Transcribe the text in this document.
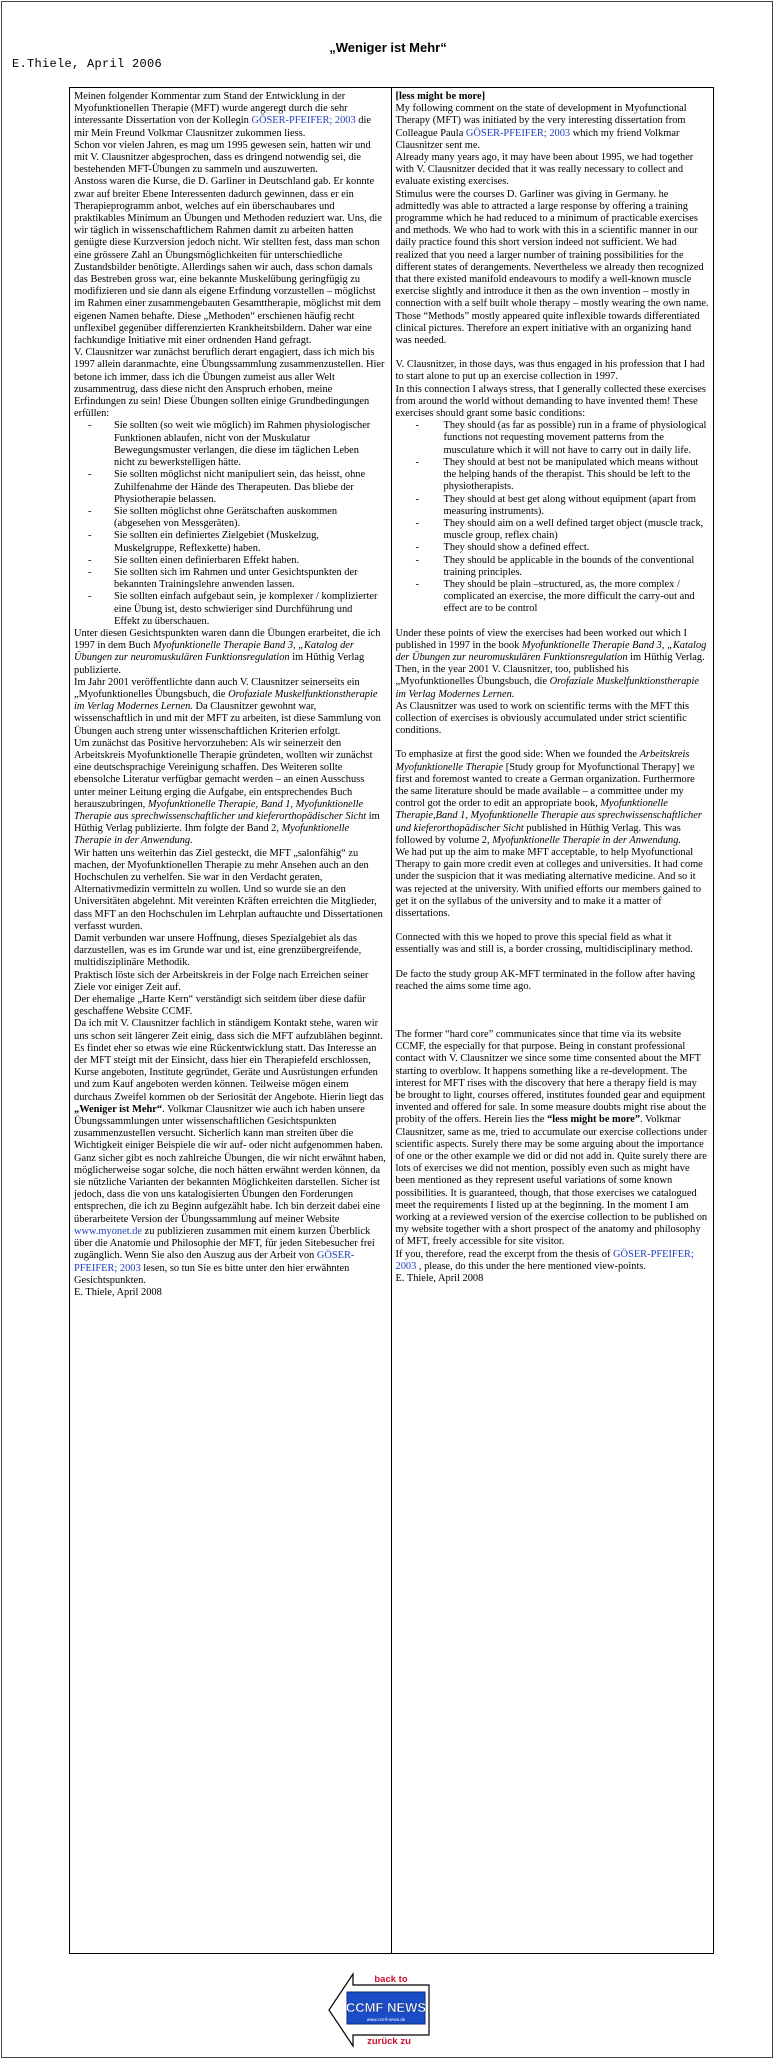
„Weniger ist Mehr“
E.Thiele, April 2006

Meinen folgender Kommentar zum Stand der Entwicklung in der Myofunktionellen Therapie (MFT) wurde angeregt durch die sehr interessante Dissertation von der Kollegin GÖSER-PFEIFER; 2003 die mir Mein Freund Volkmar Clausnitzer zukommen liess.

Schon vor vielen Jahren, es mag um 1995 gewesen sein, hatten wir und mit V. Clausnitzer abgesprochen, dass es dringend notwendig sei, die bestehenden MFT-Übungen zu sammeln und auszuwerten.

Anstoss waren die Kurse, die D. Garliner in Deutschland gab. Er konnte zwar auf breiter Ebene Interessenten dadurch gewinnen, dass er ein Therapieprogramm anbot, welches auf ein überschaubares und praktikables Minimum an Übungen und Methoden reduziert war. Uns, die wir täglich in wissenschaftlichem Rahmen damit zu arbeiten hatten genügte diese Kurzversion jedoch nicht. Wir stellten fest, dass man schon eine grössere Zahl an Übungsmöglichkeiten für unterschiedliche Zustandsbilder benötigte. Allerdings sahen wir auch, dass schon damals das Bestreben gross war, eine bekannte Muskelübung geringfügig zu modifizieren und sie dann als eigene Erfindung vorzustellen – möglichst im Rahmen einer zusammengebauten Gesamttherapie, möglichst mit dem eigenen Namen behafte. Diese „Methoden“ erschienen häufig recht unflexibel gegenüber differenzierten Krankheitsbildern. Daher war eine fachkundige Initiative mit einer ordnenden Hand gefragt.

V. Clausnitzer war zunächst beruflich derart engagiert, dass ich mich bis 1997 allein daranmachte, eine Übungssammlung zusammenzustellen. Hier betone ich immer, dass ich die Übungen zumeist aus aller Welt zusammentrug, dass diese nicht den Anspruch erhoben, meine Erfindungen zu sein! Diese Übungen sollten einige Grundbedingungen erfüllen:

- Sie sollten (so weit wie möglich) im Rahmen physiologischer Funktionen ablaufen, nicht von der Muskulatur Bewegungsmuster verlangen, die diese im täglichen Leben nicht zu bewerkstelligen hätte.
- Sie sollten möglichst nicht manipuliert sein, das heisst, ohne Zuhilfenahme der Hände des Therapeuten. Das bliebe der Physiotherapie belassen.
- Sie sollten möglichst ohne Gerätschaften auskommen (abgesehen von Messgeräten).
- Sie sollten ein definiertes Zielgebiet (Muskelzug, Muskelgruppe, Reflexkette) haben.
- Sie sollten einen definierbaren Effekt haben.
- Sie sollten sich im Rahmen und unter Gesichtspunkten der bekannten Trainingslehre anwenden lassen.
- Sie sollten einfach aufgebaut sein, je komplexer / komplizierter eine Übung ist, desto schwieriger sind Durchführung und Effekt zu überschauen.

Unter diesen Gesichtspunkten waren dann die Übungen erarbeitet, die ich 1997 in dem Buch Myofunktionelle Therapie Band 3, „Katalog der Übungen zur neuromuskulären Funktionsregulation im Hüthig Verlag publizierte.

Im Jahr 2001 veröffentlichte dann auch V. Clausnitzer seinerseits ein „Myofunktionelles Übungsbuch, die Orofaziale Muskelfunktionstherapie im Verlag Modernes Lernen. Da Clausnitzer gewohnt war, wissenschaftlich in und mit der MFT zu arbeiten, ist diese Sammlung von Übungen auch streng unter wissenschaftlichen Kriterien erfolgt.

Um zunächst das Positive hervorzuheben: Als wir seinerzeit den Arbeitskreis Myofunktionelle Therapie gründeten, wollten wir zunächst eine deutschsprachige Vereinigung schaffen. Des Weiteren sollte ebensolche Literatur verfügbar gemacht werden – an einen Ausschuss unter meiner Leitung erging die Aufgabe, ein entsprechendes Buch herauszubringen, Myofunktionelle Therapie, Band 1, Myofunktionelle Therapie aus sprechwissenschaftlicher und kieferorthopädischer Sicht im Hüthig Verlag publizierte. Ihm folgte der Band 2, Myofunktionelle Therapie in der Anwendung.

Wir hatten uns weiterhin das Ziel gesteckt, die MFT „salonfähig“ zu machen, der Myofunktionellen Therapie zu mehr Ansehen auch an den Hochschulen zu verhelfen. Sie war in den Verdacht geraten, Alternativmedizin vermitteln zu wollen. Und so wurde sie an den Universitäten abgelehnt. Mit vereinten Kräften erreichten die Mitglieder, dass MFT an den Hochschulen im Lehrplan auftauchte und Dissertationen verfasst wurden.

Damit verbunden war unsere Hoffnung, dieses Spezialgebiet als das darzustellen, was es im Grunde war und ist, eine grenzübergreifende, multidisziplinäre Methodik.

Praktisch löste sich der Arbeitskreis in der Folge nach Erreichen seiner Ziele vor einiger Zeit auf.

Der ehemalige „Harte Kern“ verständigt sich seitdem über diese dafür geschaffene Website CCMF.

Da ich mit V. Clausnitzer fachlich in ständigem Kontakt stehe, waren wir uns schon seit längerer Zeit einig, dass sich die MFT aufzublähen beginnt. Es findet eher so etwas wie eine Rückentwicklung statt. Das Interesse an der MFT steigt mit der Einsicht, dass hier ein Therapiefeld erschlossen, Kurse angeboten, Institute gegründet, Geräte und Ausrüstungen erfunden und zum Kauf angeboten werden können. Teilweise mögen einem durchaus Zweifel kommen ob der Seriosität der Angebote. Hierin liegt das „Weniger ist Mehr“. Volkmar Clausnitzer wie auch ich haben unsere Übungssammlungen unter wissenschaftlichen Gesichtspunkten zusammenzustellen versucht. Sicherlich kann man streiten über die Wichtigkeit einiger Beispiele die wir auf- oder nicht aufgenommen haben. Ganz sicher gibt es noch zahlreiche Übungen, die wir nicht erwähnt haben, möglicherweise sogar solche, die noch hätten erwähnt werden können, da sie nützliche Varianten der bekannten Möglichkeiten darstellen. Sicher ist jedoch, dass die von uns katalogisierten Übungen den Forderungen entsprechen, die ich zu Beginn aufgezählt habe. Ich bin derzeit dabei eine überarbeitete Version der Übungssammlung auf meiner Website www.myonet.de zu publizieren zusammen mit einem kurzen Überblick über die Anatomie und Philosophie der MFT, für jeden Sitebesucher frei zugänglich. Wenn Sie also den Auszug aus der Arbeit von GÖSER-PFEIFER; 2003 lesen, so tun Sie es bitte unter den hier erwähnten Gesichtspunkten.

E. Thiele, April 2008

[less might be more]

My following comment on the state of development in Myofunctional Therapy (MFT) was initiated by the very interesting dissertation from Colleague Paula GÖSER-PFEIFER; 2003 which my friend Volkmar Clausnitzer sent me.

Already many years ago, it may have been about 1995, we had together with V. Clausnitzer decided that it was really necessary to collect and evaluate existing exercises.

Stimulus were the courses D. Garliner was giving in Germany. he admittedly was able to attracted a large response by offering a training programme which he had reduced to a minimum of practicable exercises and methods. We who had to work with this in a scientific manner in our daily practice found this short version indeed not sufficient. We had realized that you need a larger number of training possibilities for the different states of derangements. Nevertheless we already then recognized that there existed manifold endeavours to modify a well-known muscle exercise slightly and introduce it then as the own invention – mostly in connection with a self built whole therapy – mostly wearing the own name. Those “Methods” mostly appeared quite inflexible towards differentiated clinical pictures. Therefore an expert initiative with an organizing hand was needed.

V. Clausnitzer, in those days, was thus engaged in his profession that I had to start alone to put up an exercise collection in 1997.

In this connection I always stress, that I generally collected these exercises from around the world without demanding to have invented them! These exercises should grant some basic conditions:

- They should (as far as possible) run in a frame of physiological functions not requesting movement patterns from the musculature which it will not have to carry out in daily life.
- They should at best not be manipulated which means without the helping hands of the therapist. This should be left to the physiotherapists.
- They should at best get along without equipment (apart from measuring instruments).
- They should aim on a well defined target object (muscle track, muscle group, reflex chain)
- They should show a defined effect.
- They should be applicable in the bounds of the conventional training principles.
- They should be plain –structured, as, the more complex / complicated an exercise, the more difficult the carry-out and effect are to be control

Under these points of view the exercises had been worked out which I published in 1997 in the book Myofunktionelle Therapie Band 3, „Katalog der Übungen zur neuromuskulären Funktionsregulation im Hüthig Verlag.

Then, in the year 2001 V. Clausnitzer, too, published his „Myofunktionelles Übungsbuch, die Orofaziale Muskelfunktionstherapie im Verlag Modernes Lernen.

As Clausnitzer was used to work on scientific terms with the MFT this collection of exercises is obviously accumulated under strict scientific conditions.

To emphasize at first the good side: When we founded the Arbeitskreis Myofunktionelle Therapie [Study group for Myofunctional Therapy] we first and foremost wanted to create a German organization. Furthermore the same literature should be made available – a committee under my control got the order to edit an appropriate book, Myofunktionelle Therapie,Band 1, Myofunktionelle Therapie aus sprechwissenschaftlicher und kieferorthopädischer Sicht published in Hüthig Verlag. This was followed by volume 2, Myofunktionelle Therapie in der Anwendung.

We had put up the aim to make MFT acceptable, to help Myofunctional Therapy to gain more credit even at colleges and universities. It had come under the suspicion that it was mediating alternative medicine. And so it was rejected at the university. With unified efforts our members gained to get it on the syllabus of the university and to make it a matter of dissertations.

Connected with this we hoped to prove this special field as what it essentially was and still is, a border crossing, multidisciplinary method.

De facto the study group AK-MFT terminated in the follow after having reached the aims some time ago.

The former “hard core” communicates since that time via its website CCMF, the especially for that purpose. Being in constant professional contact with V. Clausnitzer we since some time consented about the MFT starting to overblow. It happens something like a re-development. The interest for MFT rises with the discovery that here a therapy field is may be brought to light, courses offered, institutes founded gear and equipment invented and offered for sale. In some measure doubts might rise about the probity of the offers. Herein lies the “less might be more”. Volkmar Clausnitzer, same as me, tried to accumulate our exercise collections under scientific aspects. Surely there may be some arguing about the importance of one or the other example we did or did not add in. Quite surely there are lots of exercises we did not mention, possibly even such as might have been mentioned as they represent useful variations of some known possibilities. It is guaranteed, though, that those exercises we catalogued meet the requirements I listed up at the beginning. In the moment I am working at a reviewed version of the exercise collection to be published on my website together with a short prospect of the anatomy and philosophy of MFT, freely accessible for site visitor.

If you, therefore, read the excerpt from the thesis of GÖSER-PFEIFER; 2003 , please, do this under the here mentioned view-points.

E. Thiele, April 2008

back to
CCMF NEWS
www.ccmf-news.de
zurück zu
